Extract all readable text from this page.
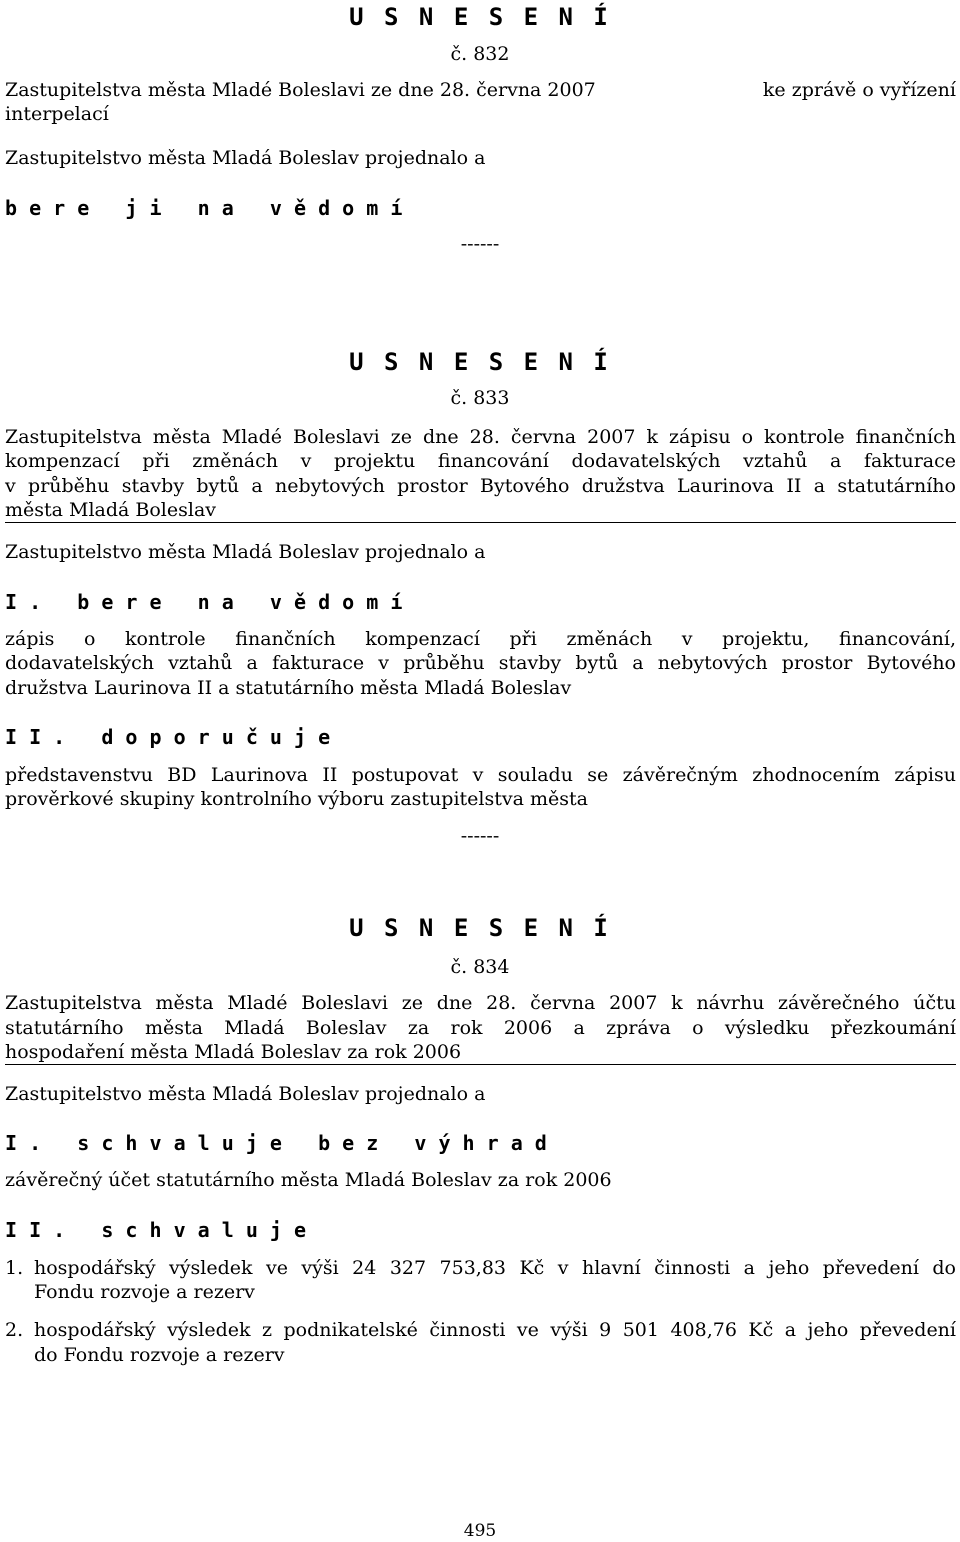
U S N E S E N Í
č. 832
Zastupitelstva města Mladé Boleslavi ze dne 28. června 2007	ke zprávě o vyřízení
interpelací
Zastupitelstvo města Mladá Boleslav projednalo a
b e r e   j i   n a   v ě d o m í
------
U S N E S E N Í
č. 833
Zastupitelstva města Mladé Boleslavi ze dne 28. června 2007 k zápisu o kontrole finančních
kompenzací při změnách v projektu financování dodavatelských vztahů a fakturace
v průběhu stavby bytů a nebytových prostor Bytového družstva Laurinova II a statutárního
města Mladá Boleslav
Zastupitelstvo města Mladá Boleslav projednalo a
I .   b e r e   n a   v ě d o m í
zápis o kontrole finančních kompenzací při změnách v projektu, financování,
dodavatelských vztahů a fakturace v průběhu stavby bytů a nebytových prostor Bytového
družstva Laurinova II a statutárního města Mladá Boleslav
I I .   d o p o r u č u j e
představenstvu BD Laurinova II postupovat v souladu se závěrečným zhodnocením zápisu
prověrkové skupiny kontrolního výboru zastupitelstva města
------
U S N E S E N Í
č. 834
Zastupitelstva města Mladé Boleslavi ze dne 28. června 2007 k návrhu závěrečného účtu
statutárního města Mladá Boleslav za rok 2006 a zpráva o výsledku přezkoumání
hospodaření města Mladá Boleslav za rok 2006
Zastupitelstvo města Mladá Boleslav projednalo a
I .   s c h v a l u j e   b e z   v ý h r a d
závěrečný účet statutárního města Mladá Boleslav za rok 2006
I I .   s c h v a l u j e
1. hospodářský výsledek ve výši 24 327 753,83 Kč v hlavní činnosti a jeho převedení do
Fondu rozvoje a rezerv
2. hospodářský výsledek z podnikatelské činnosti ve výši 9 501 408,76 Kč a jeho převedení
do Fondu rozvoje a rezerv
495
